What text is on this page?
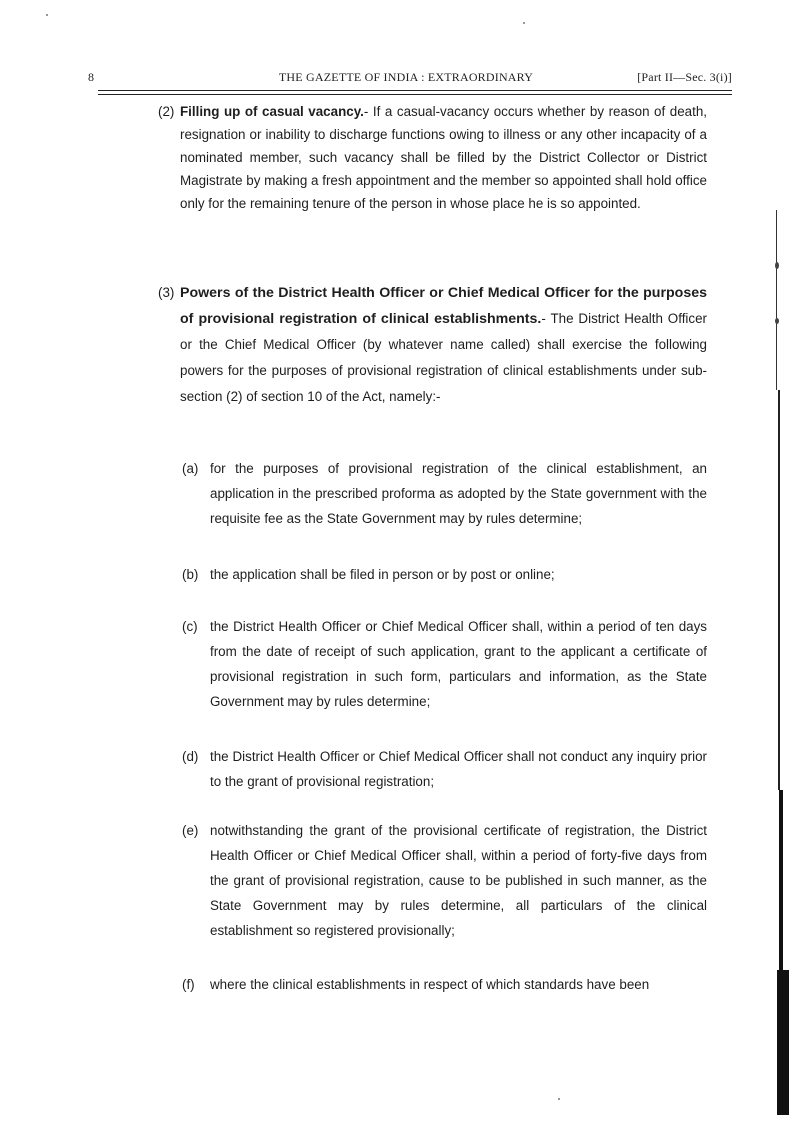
8	THE GAZETTE OF INDIA : EXTRAORDINARY	[Part II—Sec. 3(i)]
(2) Filling up of casual vacancy.- If a casual-vacancy occurs whether by reason of death, resignation or inability to discharge functions owing to illness or any other incapacity of a nominated member, such vacancy shall be filled by the District Collector or District Magistrate by making a fresh appointment and the member so appointed shall hold office only for the remaining tenure of the person in whose place he is so appointed.
(3) Powers of the District Health Officer or Chief Medical Officer for the purposes of provisional registration of clinical establishments.- The District Health Officer or the Chief Medical Officer (by whatever name called) shall exercise the following powers for the purposes of provisional registration of clinical establishments under sub-section (2) of section 10 of the Act, namely:-
(a) for the purposes of provisional registration of the clinical establishment, an application in the prescribed proforma as adopted by the State government with the requisite fee as the State Government may by rules determine;
(b) the application shall be filed in person or by post or online;
(c) the District Health Officer or Chief Medical Officer shall, within a period of ten days from the date of receipt of such application, grant to the applicant a certificate of provisional registration in such form, particulars and information, as the State Government may by rules determine;
(d) the District Health Officer or Chief Medical Officer shall not conduct any inquiry prior to the grant of provisional registration;
(e) notwithstanding the grant of the provisional certificate of registration, the District Health Officer or Chief Medical Officer shall, within a period of forty-five days from the grant of provisional registration, cause to be published in such manner, as the State Government may by rules determine, all particulars of the clinical establishment so registered provisionally;
(f) where the clinical establishments in respect of which standards have been
